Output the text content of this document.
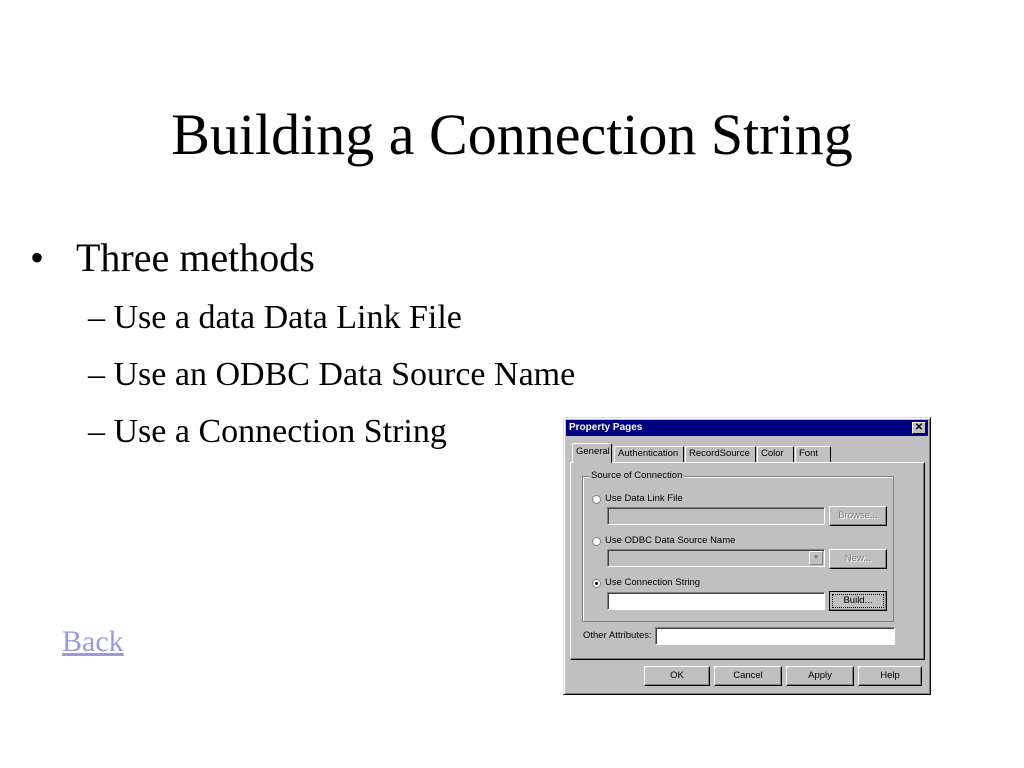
Building a Connection String
• Three methods
– Use a data Data Link File
– Use an ODBC Data Source Name
– Use a Connection String
Back
Property Pages	✕
General Authentication	RecordSource	Color	Font
Source of Connection
Use Data Link File
Browse...
Use ODBC Data Source Name
▼	New...
Use Connection String
Build...
Other Attributes:
OK	Cancel	Apply	Help
